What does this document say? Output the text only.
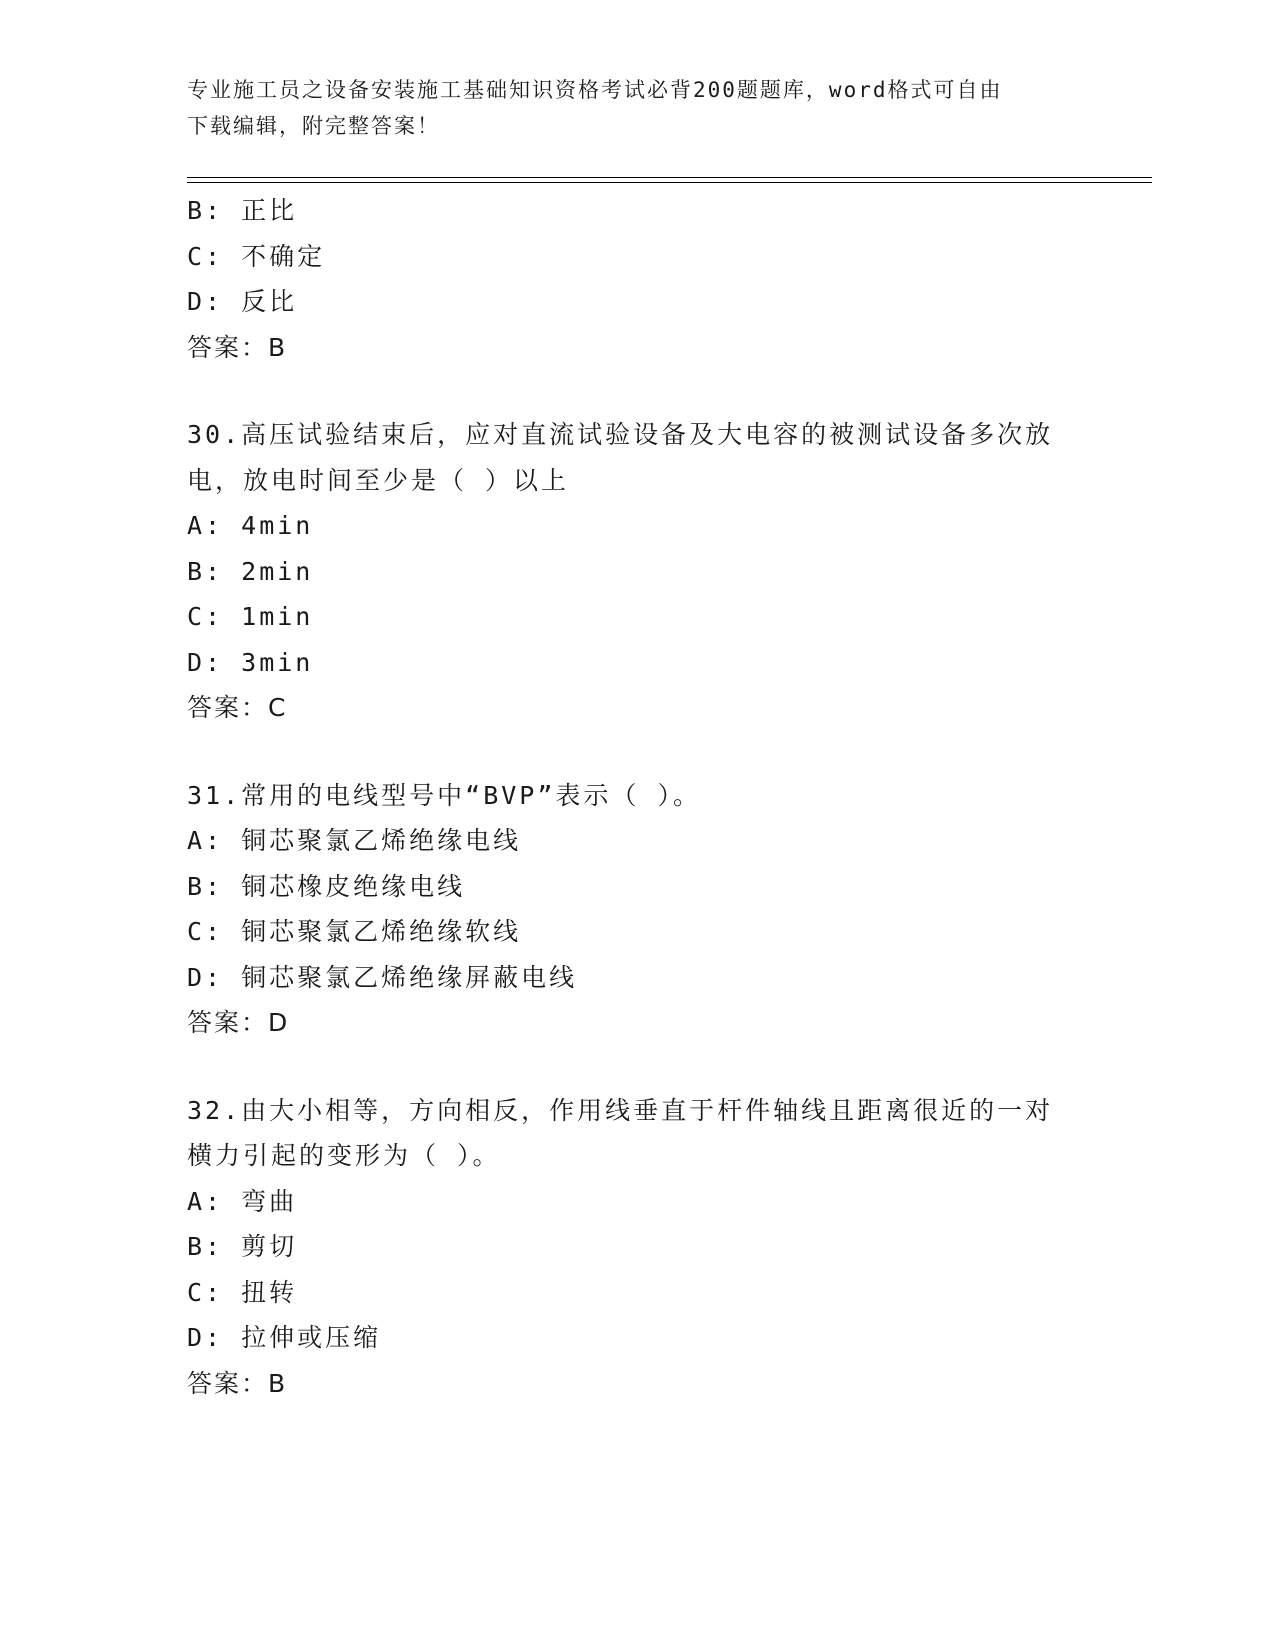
专业施工员之设备安装施工基础知识资格考试必背200题题库，word格式可自由
下载编辑，附完整答案！
B: 正比
C: 不确定
D: 反比
答案：B
30.高压试验结束后，应对直流试验设备及大电容的被测试设备多次放
电，放电时间至少是（ ）以上
A: 4min
B: 2min
C: 1min
D: 3min
答案：C
31.常用的电线型号中“BVP”表示（ ）。
A: 铜芯聚氯乙烯绝缘电线
B: 铜芯橡皮绝缘电线
C: 铜芯聚氯乙烯绝缘软线
D: 铜芯聚氯乙烯绝缘屏蔽电线
答案：D
32.由大小相等，方向相反，作用线垂直于杆件轴线且距离很近的一对
横力引起的变形为（ ）。
A: 弯曲
B: 剪切
C: 扭转
D: 拉伸或压缩
答案：B
